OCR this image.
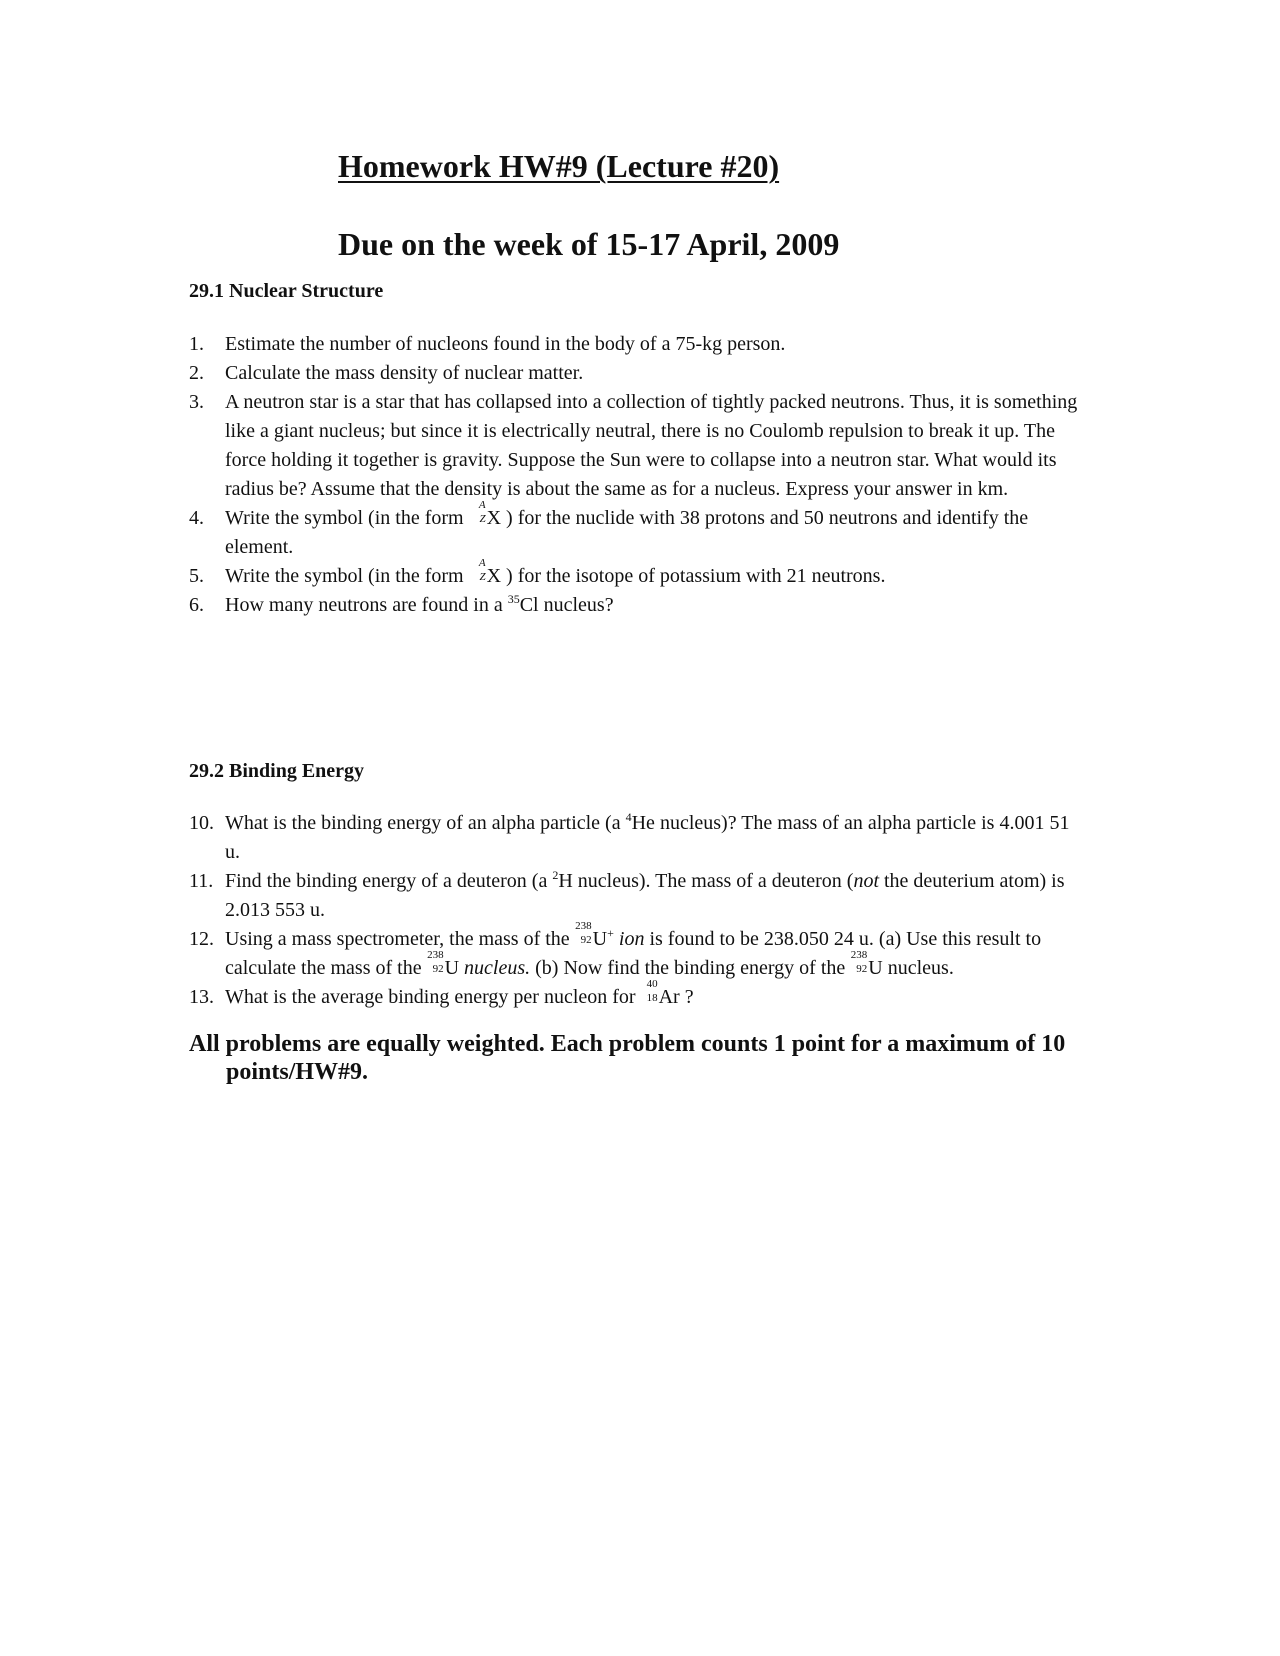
Homework HW#9 (Lecture #20)
Due on the week of 15-17 April, 2009
29.1 Nuclear Structure
1. Estimate the number of nucleons found in the body of a 75-kg person.
2. Calculate the mass density of nuclear matter.
3. A neutron star is a star that has collapsed into a collection of tightly packed neutrons. Thus, it is something like a giant nucleus; but since it is electrically neutral, there is no Coulomb repulsion to break it up. The force holding it together is gravity. Suppose the Sun were to collapse into a neutron star. What would its radius be? Assume that the density is about the same as for a nucleus. Express your answer in km.
4. Write the symbol (in the form
A
Z X ) for the nuclide with 38 protons and 50 neutrons and identify the element.
5. Write the symbol (in the form
A
Z X ) for the isotope of potassium with 21 neutrons.
6. How many neutrons are found in a $^{35}$Cl nucleus?
29.2 Binding Energy
10. What is the binding energy of an alpha particle (a $^4$He nucleus)? The mass of an alpha particle is 4.001 51 u.
11. Find the binding energy of a deuteron (a $^2$H nucleus). The mass of a deuteron (not the deuterium atom) is 2.013 553 u.
12. Using a mass spectrometer, the mass of the
238
92 U+ ion is found to be 238.050 24 u. (a) Use this result to calculate the mass of the
238
92 U nucleus. (b) Now find the binding energy of the
238
92 U nucleus.
13. What is the average binding energy per nucleon for
40
18 Ar ?
All problems are equally weighted. Each problem counts 1 point for a maximum of 10 points/HW#9.
